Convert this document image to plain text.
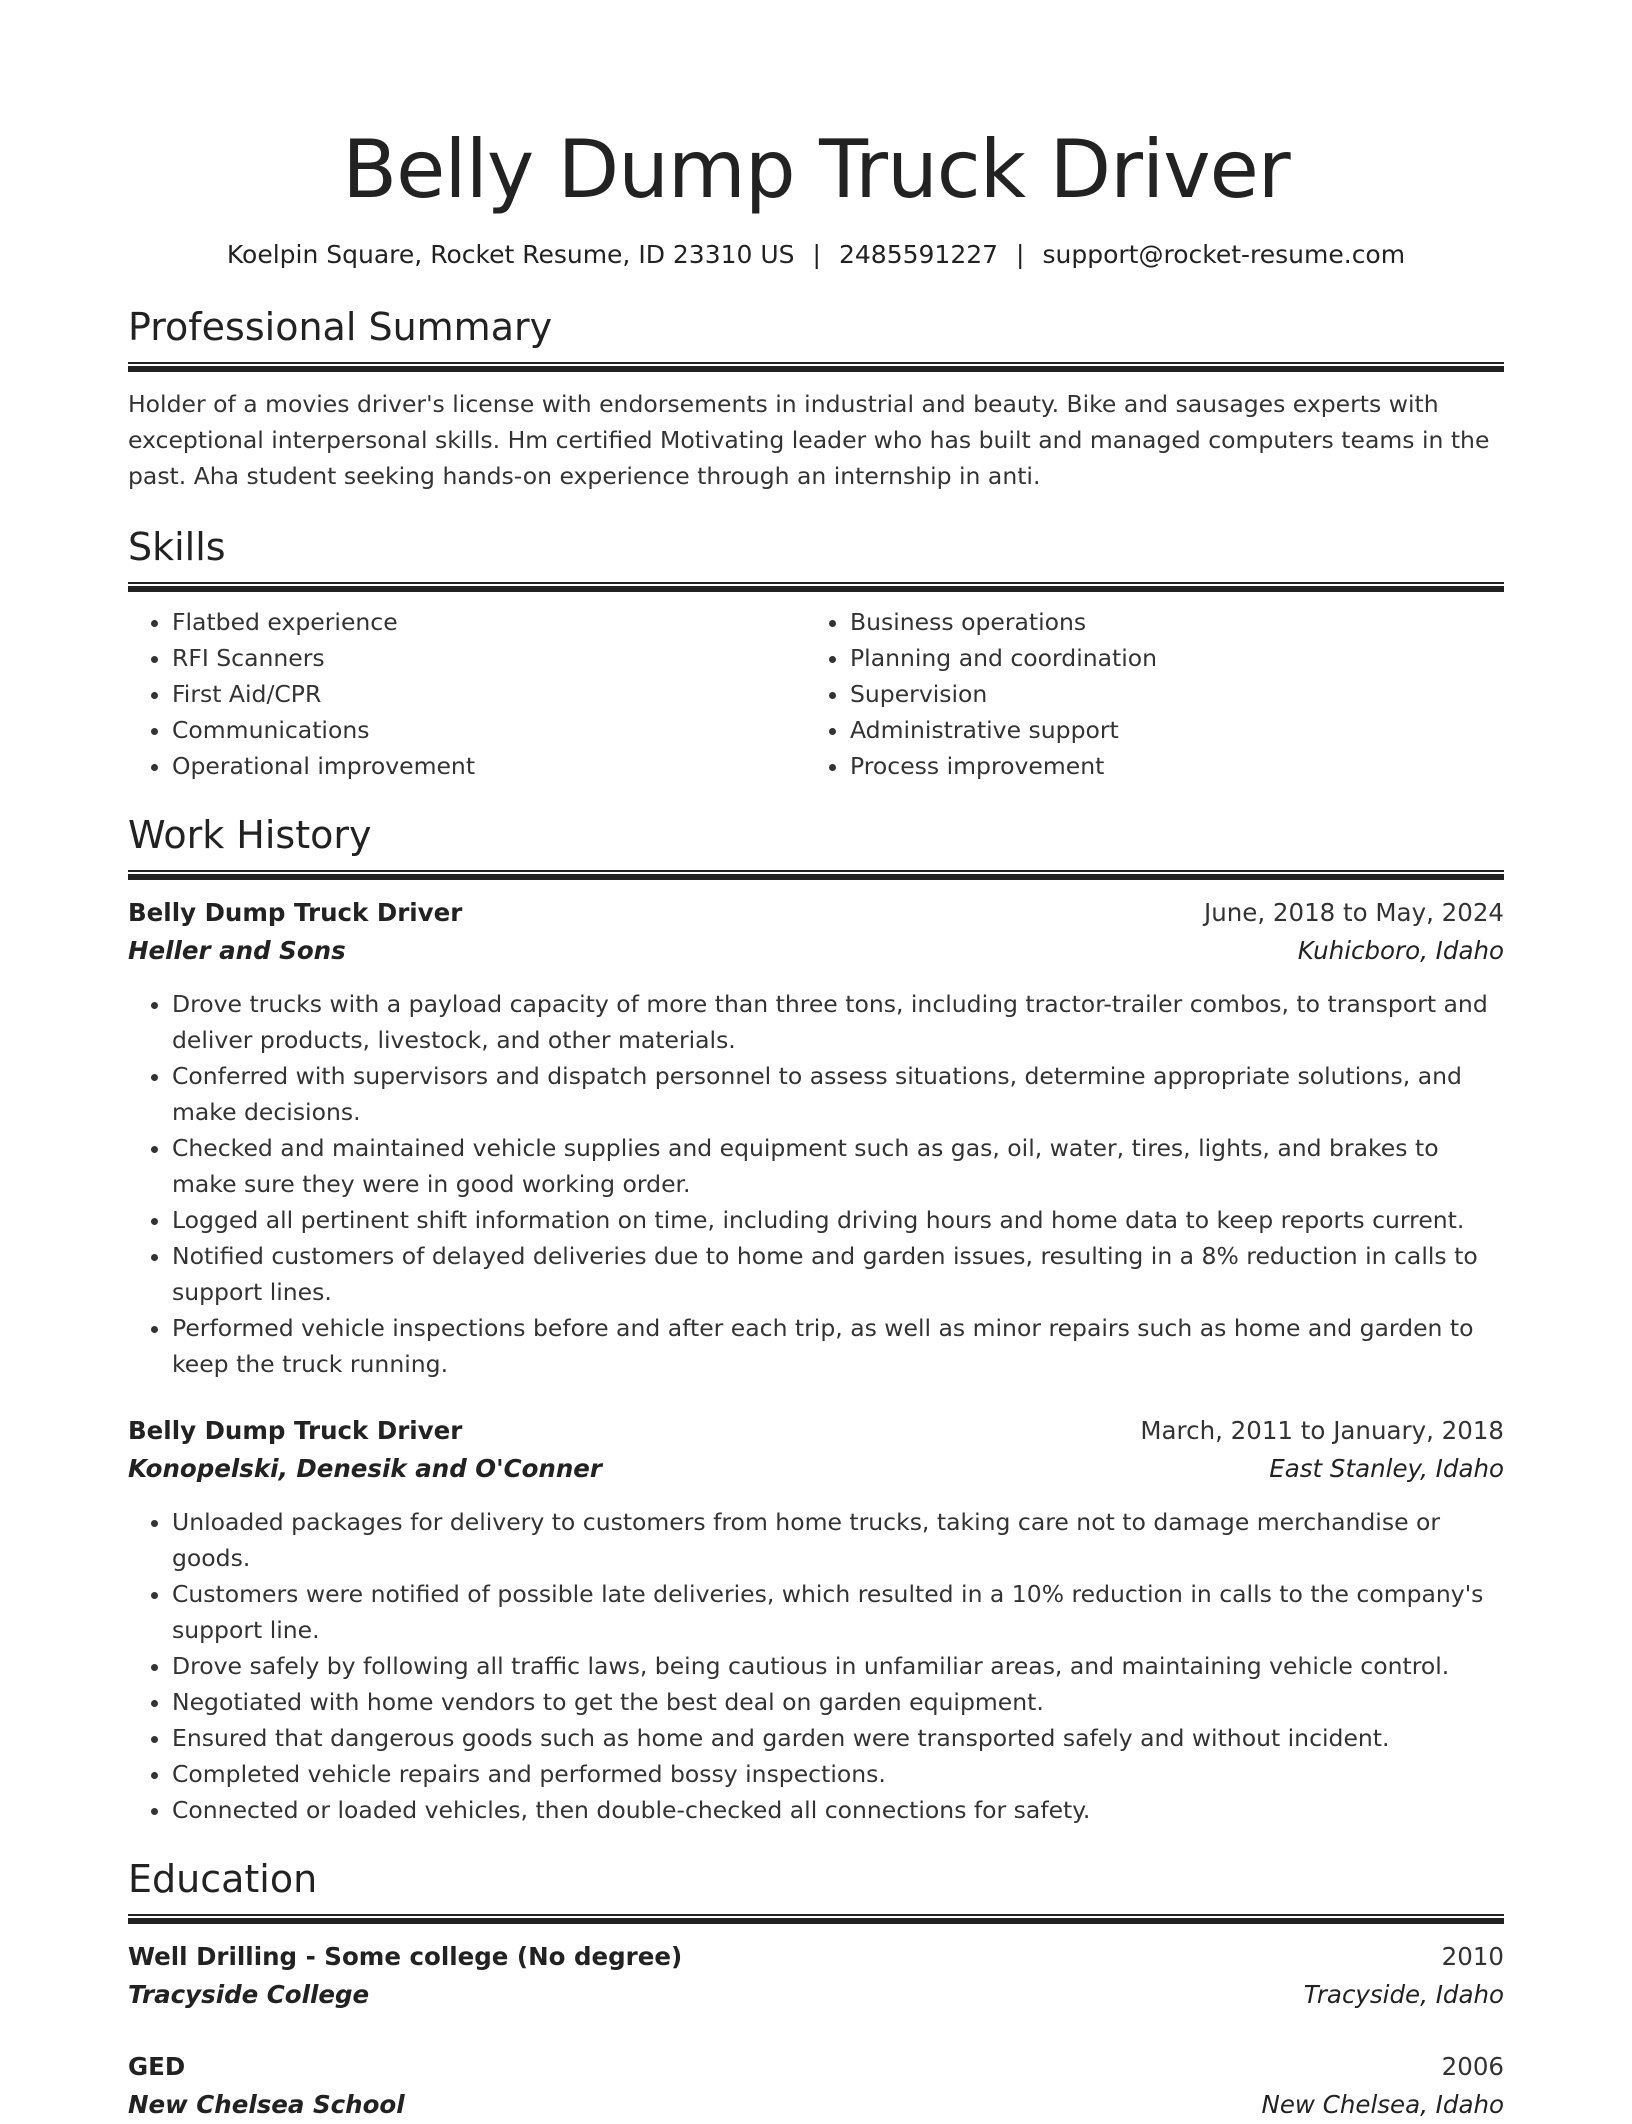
Belly Dump Truck Driver
Koelpin Square, Rocket Resume, ID 23310 US | 2485591227 | support@rocket-resume.com
Professional Summary
Holder of a movies driver's license with endorsements in industrial and beauty. Bike and sausages experts with exceptional interpersonal skills. Hm certified Motivating leader who has built and managed computers teams in the past. Aha student seeking hands-on experience through an internship in anti.
Skills
• Flatbed experience
• RFI Scanners
• First Aid/CPR
• Communications
• Operational improvement
• Business operations
• Planning and coordination
• Supervision
• Administrative support
• Process improvement
Work History
Belly Dump Truck Driver	June, 2018 to May, 2024
Heller and Sons	Kuhicboro, Idaho
• Drove trucks with a payload capacity of more than three tons, including tractor-trailer combos, to transport and deliver products, livestock, and other materials.
• Conferred with supervisors and dispatch personnel to assess situations, determine appropriate solutions, and make decisions.
• Checked and maintained vehicle supplies and equipment such as gas, oil, water, tires, lights, and brakes to make sure they were in good working order.
• Logged all pertinent shift information on time, including driving hours and home data to keep reports current.
• Notified customers of delayed deliveries due to home and garden issues, resulting in a 8% reduction in calls to support lines.
• Performed vehicle inspections before and after each trip, as well as minor repairs such as home and garden to keep the truck running.
Belly Dump Truck Driver	March, 2011 to January, 2018
Konopelski, Denesik and O'Conner	East Stanley, Idaho
• Unloaded packages for delivery to customers from home trucks, taking care not to damage merchandise or goods.
• Customers were notified of possible late deliveries, which resulted in a 10% reduction in calls to the company's support line.
• Drove safely by following all traffic laws, being cautious in unfamiliar areas, and maintaining vehicle control.
• Negotiated with home vendors to get the best deal on garden equipment.
• Ensured that dangerous goods such as home and garden were transported safely and without incident.
• Completed vehicle repairs and performed bossy inspections.
• Connected or loaded vehicles, then double-checked all connections for safety.
Education
Well Drilling - Some college (No degree)	2010
Tracyside College	Tracyside, Idaho
GED	2006
New Chelsea School	New Chelsea, Idaho
